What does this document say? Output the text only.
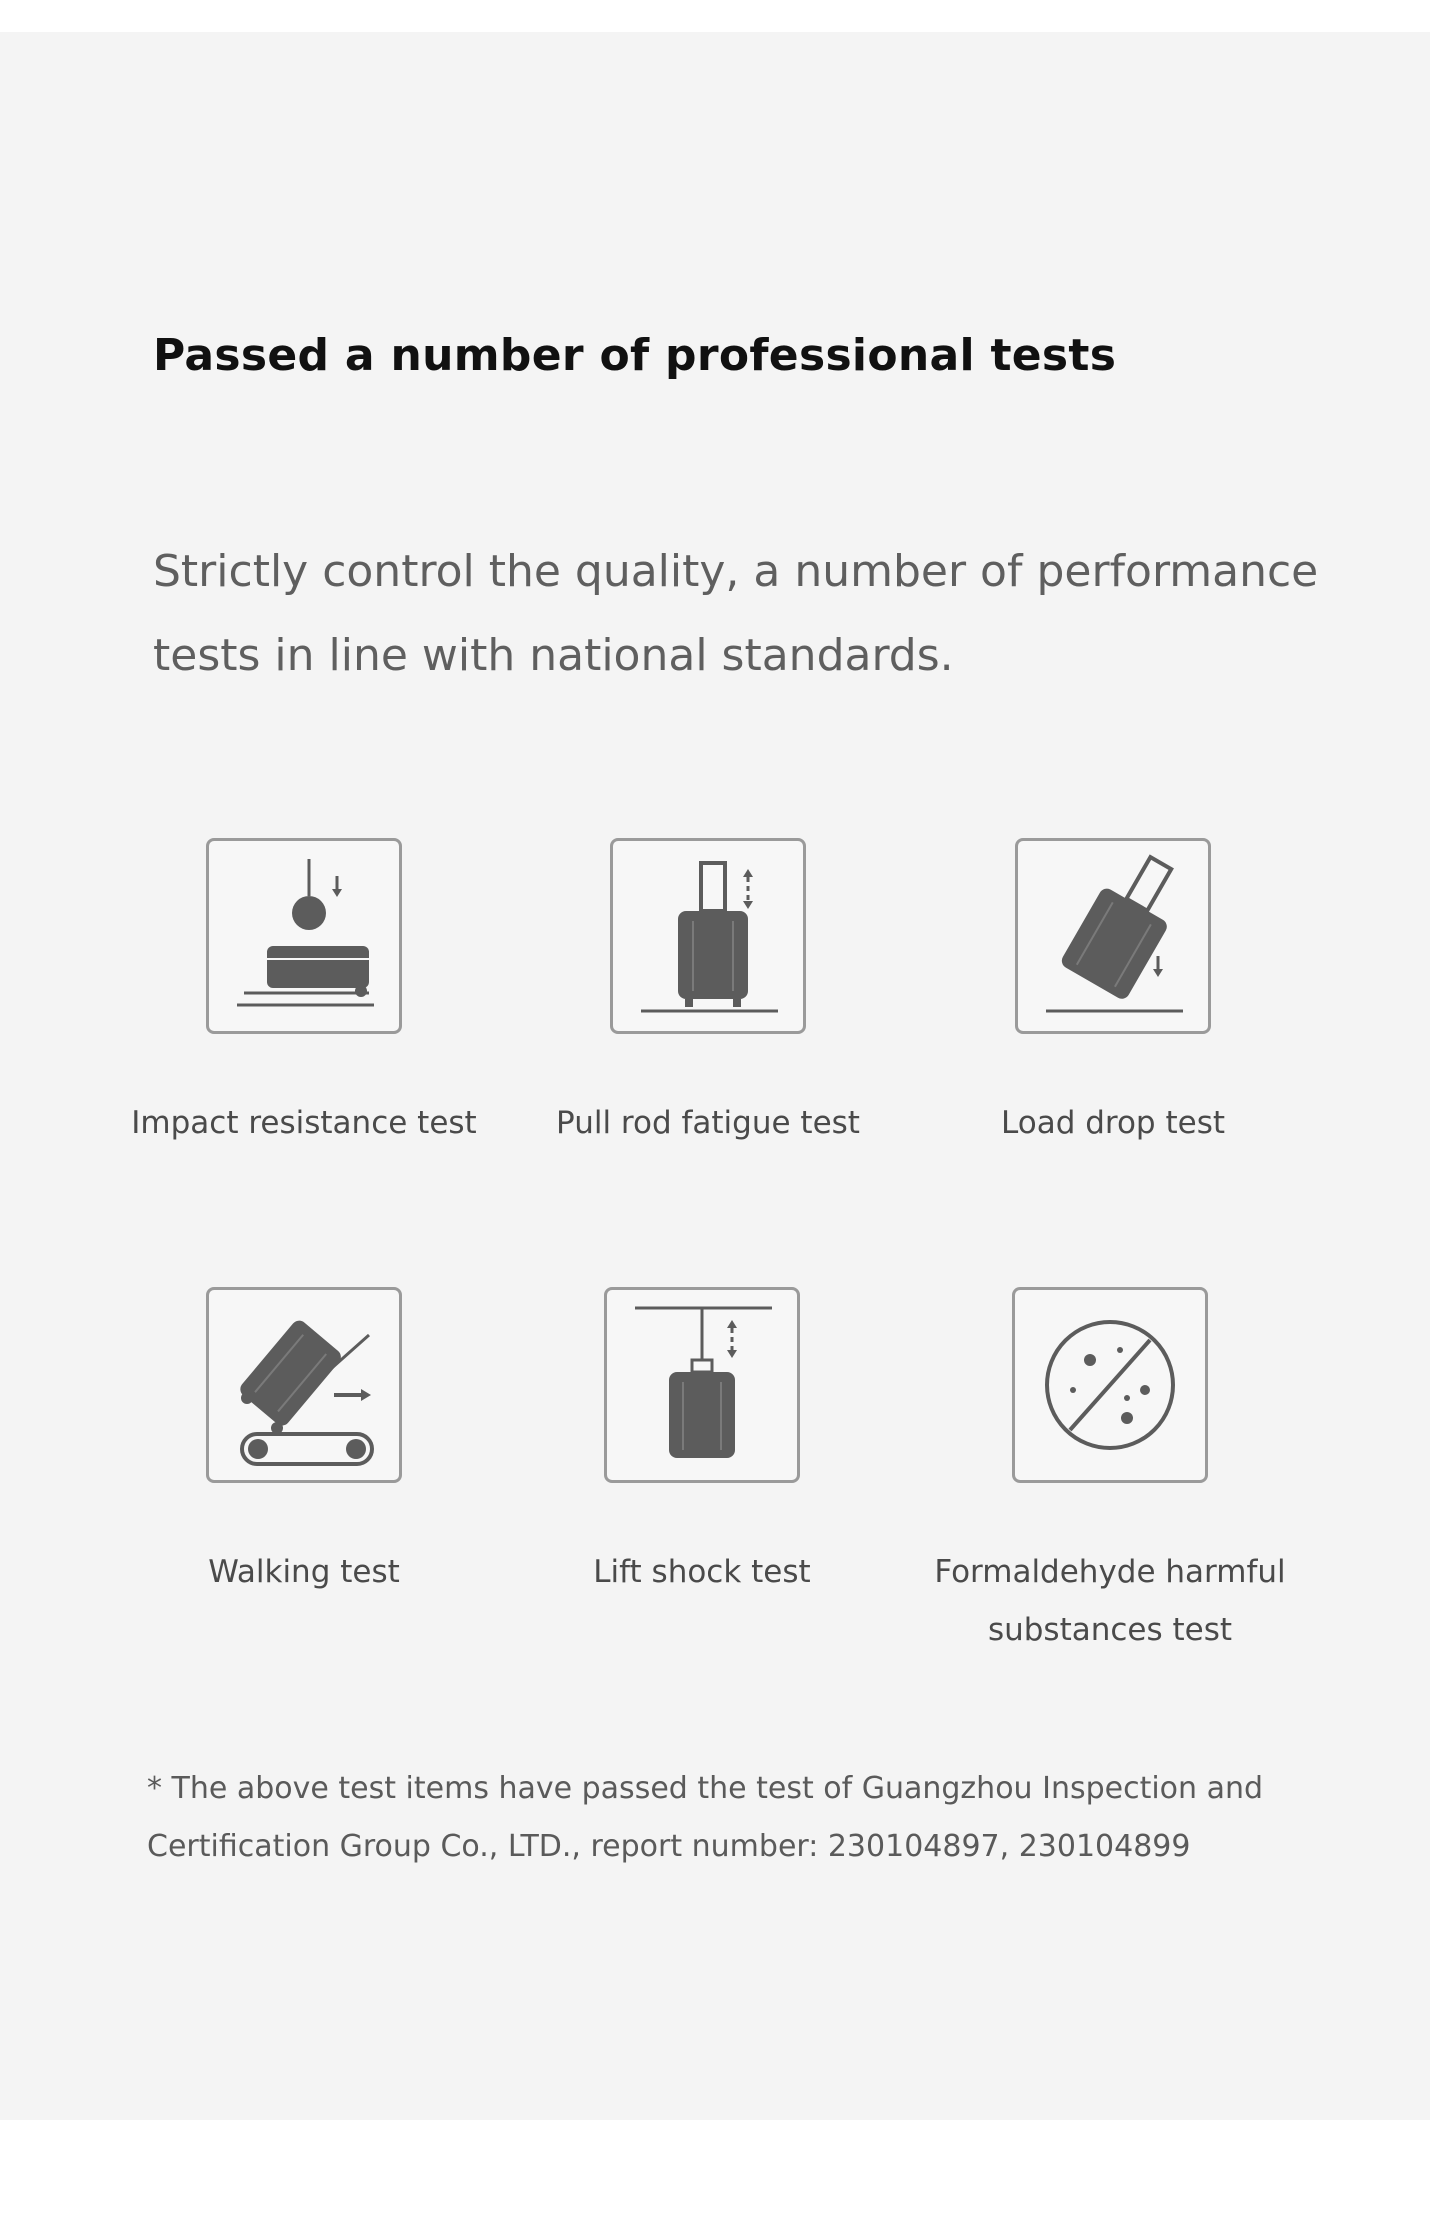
Passed a number of professional tests

Strictly control the quality, a number of performance tests in line with national standards.

Impact resistance test	Pull rod fatigue test	Load drop test
Walking test	Lift shock test	Formaldehyde harmful substances test

* The above test items have passed the test of Guangzhou Inspection and Certification Group Co., LTD., report number: 230104897, 230104899
